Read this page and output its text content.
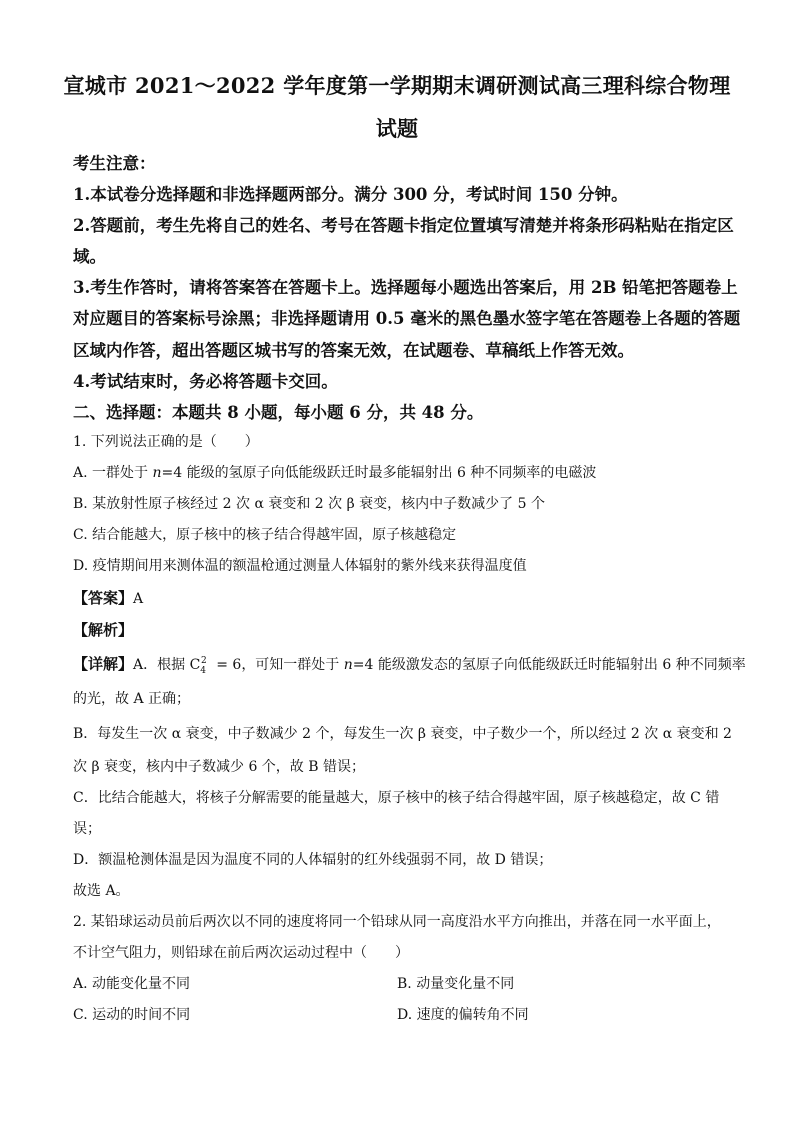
宣城市 2021～2022 学年度第一学期期末调研测试高三理科综合物理
试题
考生注意：
1.本试卷分选择题和非选择题两部分。满分 300 分，考试时间 150 分钟。
2.答题前，考生先将自己的姓名、考号在答题卡指定位置填写清楚并将条形码粘贴在指定区
域。
3.考生作答时，请将答案答在答题卡上。选择题每小题选出答案后，用 2B 铅笔把答题卷上
对应题目的答案标号涂黑；非选择题请用 0.5 毫米的黑色墨水签字笔在答题卷上各题的答题
区域内作答，超出答题区城书写的答案无效，在试题卷、草稿纸上作答无效。
4.考试结束时，务必将答题卡交回。
二、选择题：本题共 8 小题，每小题 6 分，共 48 分。
1. 下列说法正确的是（　　）
A. 一群处于 n=4 能级的氢原子向低能级跃迁时最多能辐射出 6 种不同频率的电磁波
B. 某放射性原子核经过 2 次 α 衰变和 2 次 β 衰变，核内中子数减少了 5 个
C. 结合能越大，原子核中的核子结合得越牢固，原子核越稳定
D. 疫情期间用来测体温的额温枪通过测量人体辐射的紫外线来获得温度值
【答案】A
【解析】
【详解】A．根据 $C_4^2 = 6$，可知一群处于 n=4 能级激发态的氢原子向低能级跃迁时能辐射出 6 种不同频率
的光，故 A 正确；
B．每发生一次 α 衰变，中子数减少 2 个，每发生一次 β 衰变，中子数少一个，所以经过 2 次 α 衰变和 2
次 β 衰变，核内中子数减少 6 个，故 B 错误；
C．比结合能越大，将核子分解需要的能量越大，原子核中的核子结合得越牢固，原子核越稳定，故 C 错
误；
D．额温枪测体温是因为温度不同的人体辐射的红外线强弱不同，故 D 错误；
故选 A。
2. 某铅球运动员前后两次以不同的速度将同一个铅球从同一高度沿水平方向推出，并落在同一水平面上，
不计空气阻力，则铅球在前后两次运动过程中（　　）
A. 动能变化量不同	B. 动量变化量不同
C. 运动的时间不同	D. 速度的偏转角不同
